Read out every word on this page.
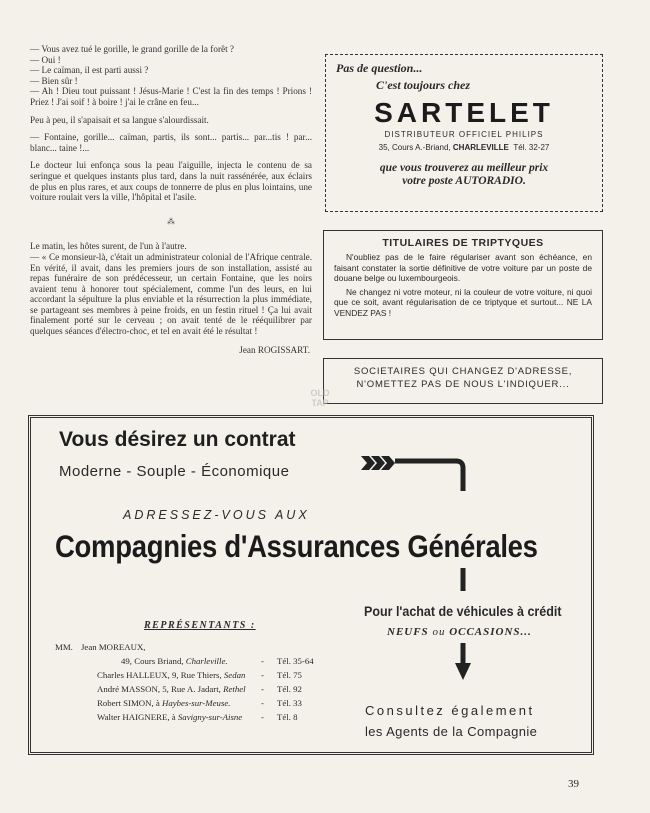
— Vous avez tué le gorille, le grand gorille de la forêt ?

— Oui !

— Le caïman, il est parti aussi ?

— Bien sûr !

— Ah ! Dieu tout puissant ! Jésus-Marie ! C'est la fin des temps ! Prions ! Priez ! J'ai soif ! à boire ! j'ai le crâne en feu...

Peu à peu, il s'apaisait et sa langue s'alourdissait.

— Fontaine, gorille... caïman, partis, ils sont... partis... par...tis ! par... blanc... taine !...

Le docteur lui enfonça sous la peau l'aiguille, injecta le contenu de sa seringue et quelques instants plus tard, dans la nuit rassénérée, aux éclairs de plus en plus rares, et aux coups de tonnerre de plus en plus lointains, une voiture roulait vers la ville, l'hôpital et l'asile.

⁂

Le matin, les hôtes surent, de l'un à l'autre.

— « Ce monsieur-là, c'était un administrateur colonial de l'Afrique centrale. En vérité, il avait, dans les premiers jours de son installation, assisté au repas funéraire de son prédécesseur, un certain Fontaine, que les noirs avaient tenu à honorer tout spécialement, comme l'un des leurs, en lui accordant la sépulture la plus enviable et la résurrection la plus immédiate, se partageant ses membres à peine froids, en un festin rituel ! Ça lui avait finalement porté sur le cerveau ; on avait tenté de le rééquilibrer par quelques séances d'électro-choc, et tel en avait été le résultat !

Jean ROGISSART.

Pas de question...
C'est toujours chez
SARTELET
DISTRIBUTEUR OFFICIEL PHILIPS
35, Cours A.-Briand, CHARLEVILLE Tél. 32-27
que vous trouverez au meilleur prix
votre poste AUTORADIO.
TITULAIRES DE TRIPTYQUES

N'oubliez pas de le faire régulariser avant son échéance, en faisant constater la sortie définitive de votre voiture par un poste de douane belge ou luxembourgeois.

Ne changez ni votre moteur, ni la couleur de votre voiture, ni quoi que ce soit, avant régularisation de ce triptyque et surtout... NE LA VENDEZ PAS !

SOCIETAIRES QUI CHANGEZ D'ADRESSE,
N'OMETTEZ PAS DE NOUS L'INDIQUER...
OLD
TAP
Vous désirez un contrat
Moderne - Souple - Économique
ADRESSEZ-VOUS AUX
Compagnies d'Assurances Générales
REPRÉSENTANTS :
MM. Jean MOREAUX,
49, Cours Briand, Charleville.	- Tél. 35-64
Charles HALLEUX, 9, Rue Thiers, Sedan - Tél. 75
André MASSON, 5, Rue A. Jadart, Rethel - Tél. 92
Robert SIMON, à Haybes-sur-Meuse.	- Tél. 33
Walter HAIGNERE, à Savigny-sur-Aisne - Tél. 8
Pour l'achat de véhicules à crédit
NEUFS ou OCCASIONS...
Consultez également
les Agents de la Compagnie
39
